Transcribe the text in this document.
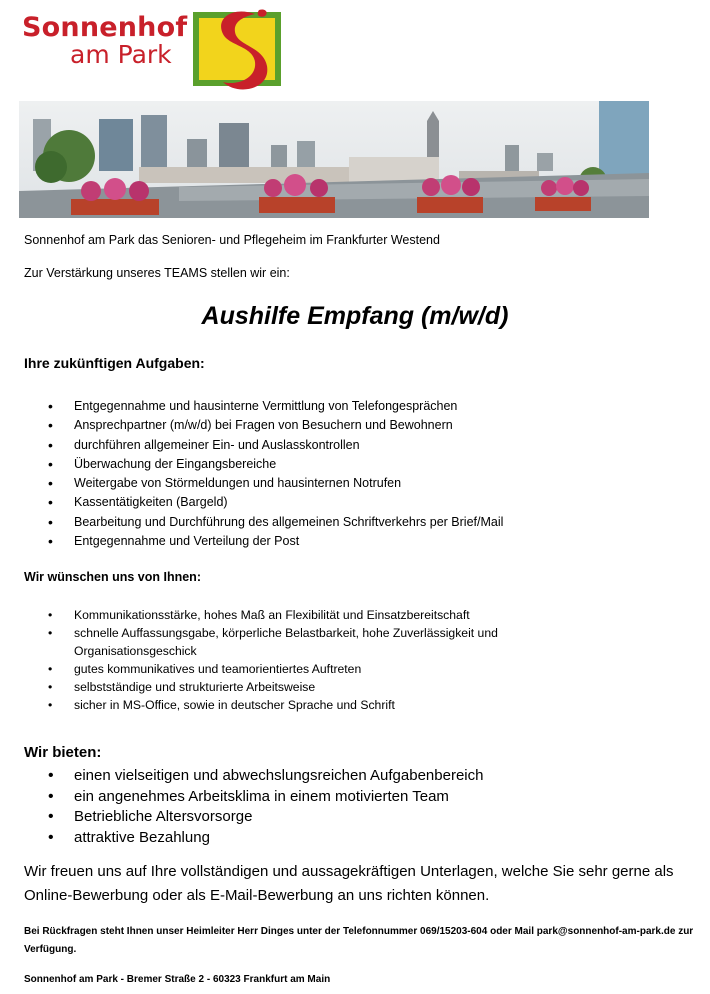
Sonnenhof
am Park
Sonnenhof am Park das Senioren- und Pflegeheim im Frankfurter Westend
Zur Verstärkung unseres TEAMS stellen wir ein:
Aushilfe Empfang (m/w/d)
Ihre zukünftigen Aufgaben:
• Entgegennahme und hausinterne Vermittlung von Telefongesprächen
• Ansprechpartner (m/w/d) bei Fragen von Besuchern und Bewohnern
• durchführen allgemeiner Ein- und Auslasskontrollen
• Überwachung der Eingangsbereiche
• Weitergabe von Störmeldungen und hausinternen Notrufen
• Kassentätigkeiten (Bargeld)
• Bearbeitung und Durchführung des allgemeinen Schriftverkehrs per Brief/Mail
• Entgegennahme und Verteilung der Post
Wir wünschen uns von Ihnen:
• Kommunikationsstärke, hohes Maß an Flexibilität und Einsatzbereitschaft
• schnelle Auffassungsgabe, körperliche Belastbarkeit, hohe Zuverlässigkeit und Organisationsgeschick
• gutes kommunikatives und teamorientiertes Auftreten
• selbstständige und strukturierte Arbeitsweise
• sicher in MS-Office, sowie in deutscher Sprache und Schrift
Wir bieten:
• einen vielseitigen und abwechslungsreichen Aufgabenbereich
• ein angenehmes Arbeitsklima in einem motivierten Team
• Betriebliche Altersvorsorge
• attraktive Bezahlung
Wir freuen uns auf Ihre vollständigen und aussagekräftigen Unterlagen, welche Sie sehr gerne als Online-Bewerbung oder als E-Mail-Bewerbung an uns richten können.
Bei Rückfragen steht Ihnen unser Heimleiter Herr Dinges unter der Telefonnummer 069/15203-604 oder Mail park@sonnenhof-am-park.de zur Verfügung.
Sonnenhof am Park - Bremer Straße 2 - 60323 Frankfurt am Main
